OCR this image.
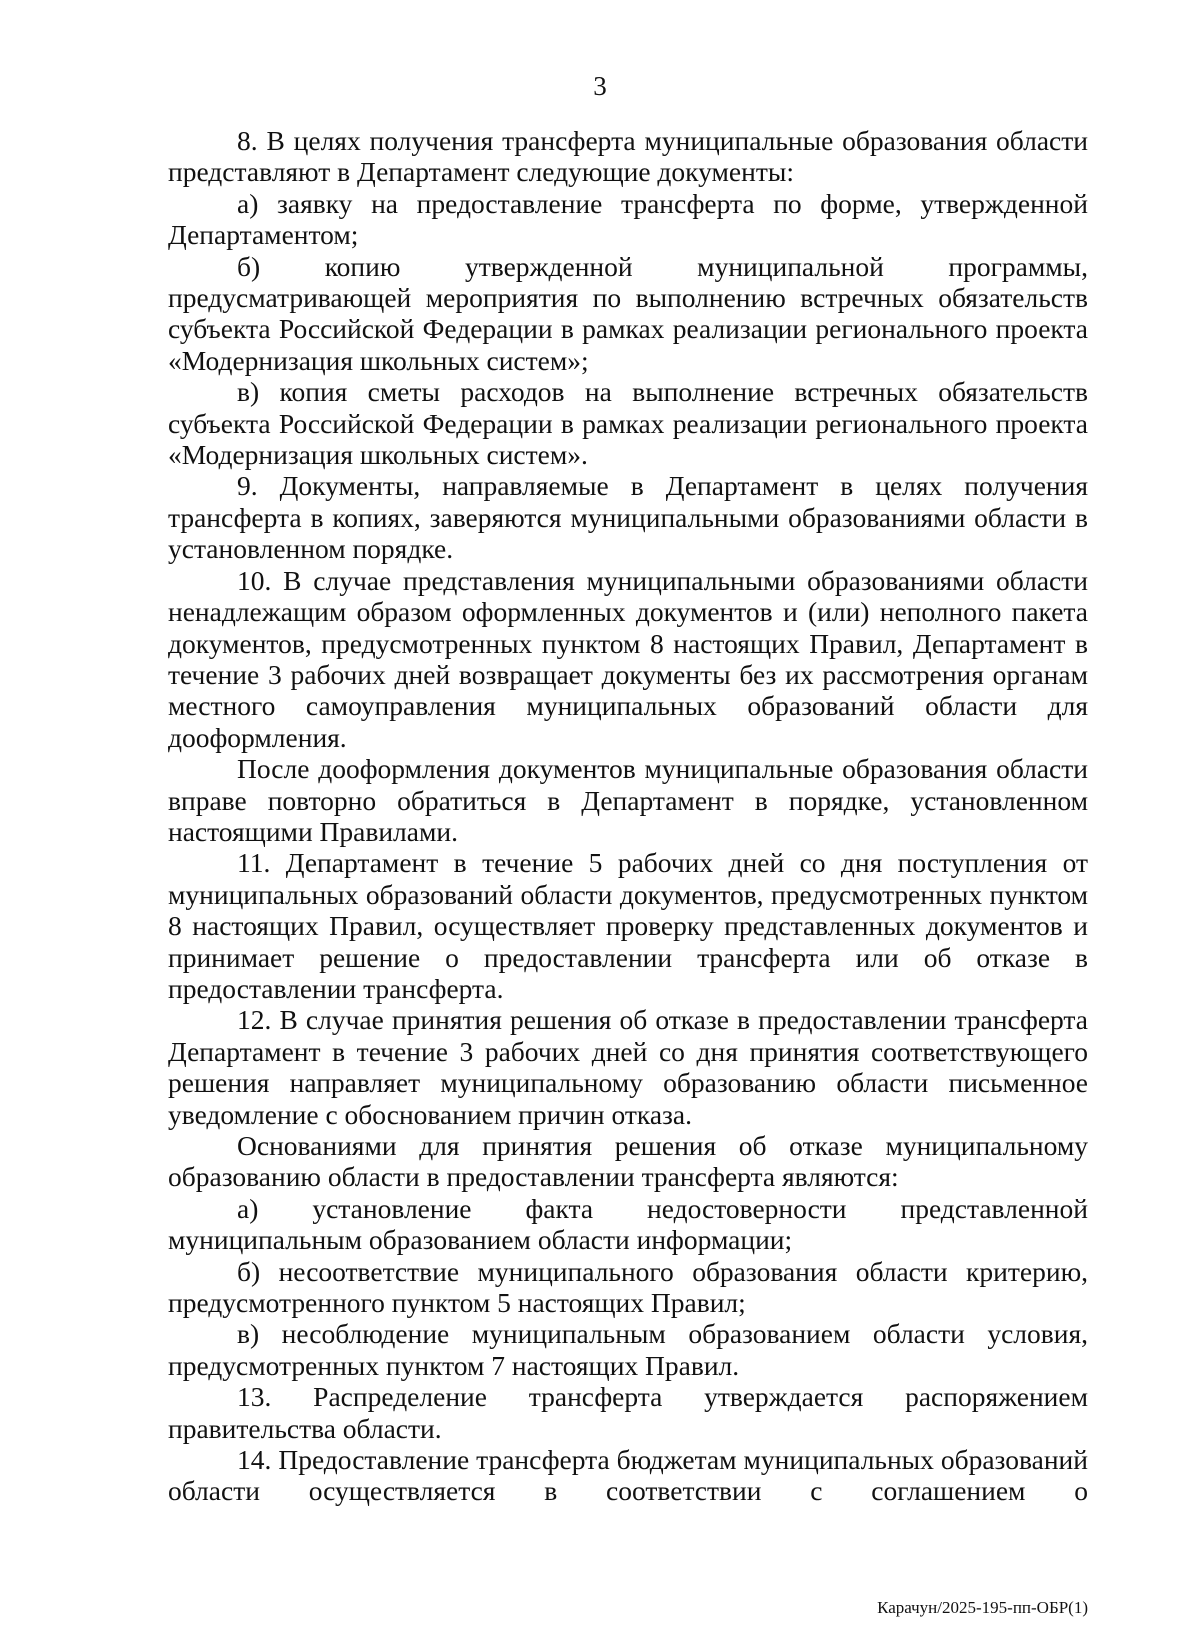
3

8. В целях получения трансферта муниципальные образования области представляют в Департамент следующие документы:

а) заявку на предоставление трансферта по форме, утвержденной Департаментом;

б) копию утвержденной муниципальной программы, предусматривающей мероприятия по выполнению встречных обязательств субъекта Российской Федерации в рамках реализации регионального проекта «Модернизация школьных систем»;

в) копия сметы расходов на выполнение встречных обязательств субъекта Российской Федерации в рамках реализации регионального проекта «Модернизация школьных систем».

9. Документы, направляемые в Департамент в целях получения трансферта в копиях, заверяются муниципальными образованиями области в установленном порядке.

10. В случае представления муниципальными образованиями области ненадлежащим образом оформленных документов и (или) неполного пакета документов, предусмотренных пунктом 8 настоящих Правил, Департамент в течение 3 рабочих дней возвращает документы без их рассмотрения органам местного самоуправления муниципальных образований области для дооформления.

После дооформления документов муниципальные образования области вправе повторно обратиться в Департамент в порядке, установленном настоящими Правилами.

11. Департамент в течение 5 рабочих дней со дня поступления от муниципальных образований области документов, предусмотренных пунктом 8 настоящих Правил, осуществляет проверку представленных документов и принимает решение о предоставлении трансферта или об отказе в предоставлении трансферта.

12. В случае принятия решения об отказе в предоставлении трансферта Департамент в течение 3 рабочих дней со дня принятия соответствующего решения направляет муниципальному образованию области письменное уведомление с обоснованием причин отказа.

Основаниями для принятия решения об отказе муниципальному образованию области в предоставлении трансферта являются:

а) установление факта недостоверности представленной муниципальным образованием области информации;

б) несоответствие муниципального образования области критерию, предусмотренного пунктом 5 настоящих Правил;

в) несоблюдение муниципальным образованием области условия, предусмотренных пунктом 7 настоящих Правил.

13. Распределение трансферта утверждается распоряжением правительства области.

14. Предоставление трансферта бюджетам муниципальных образований области осуществляется в соответствии с соглашением о

Карачун/2025-195-пп-ОБР(1)
